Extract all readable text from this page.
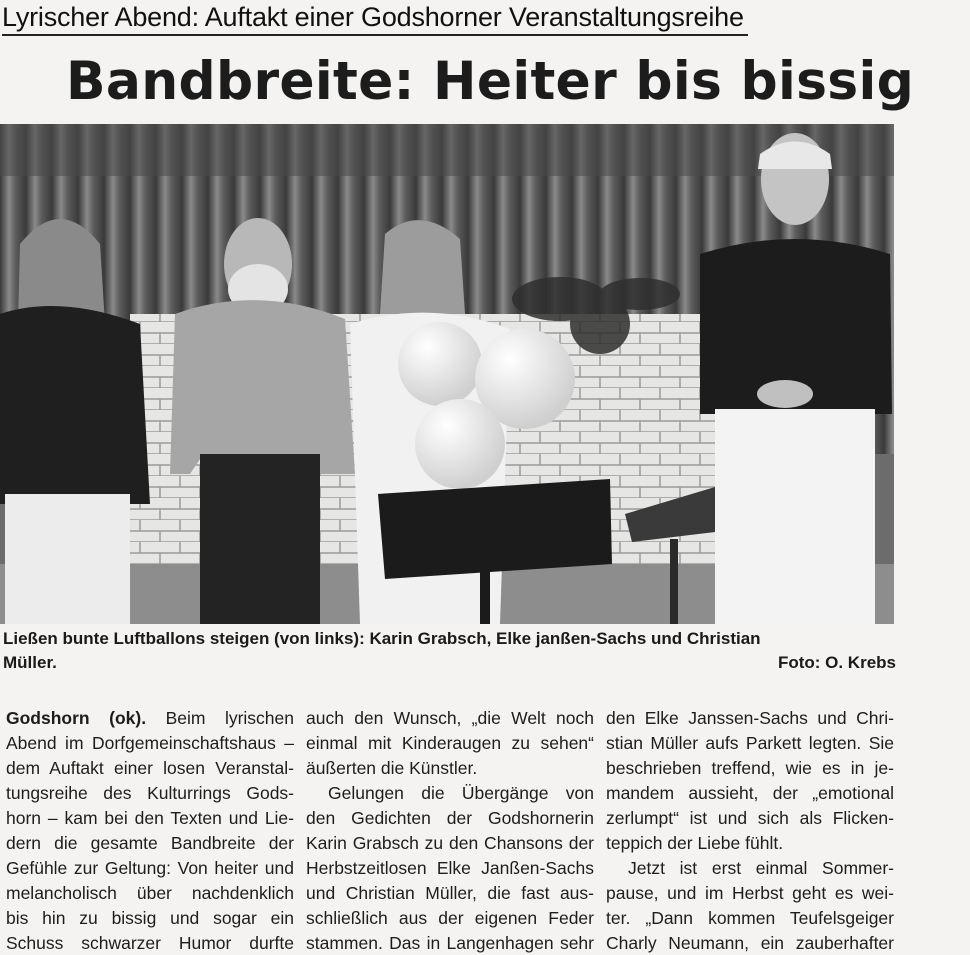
Lyrischer Abend: Auftakt einer Godshorner Veranstaltungsreihe
Bandbreite: Heiter bis bissig
Ließen bunte Luftballons steigen (von links): Karin Grabsch, Elke janßen-Sachs und Christian
Müller.	Foto: O. Krebs
Godshorn (ok). Beim lyrischen
Abend im Dorfgemeinschaftshaus –
dem Auftakt einer losen Veranstal-
tungsreihe des Kulturrings Gods-
horn – kam bei den Texten und Lie-
dern die gesamte Bandbreite der
Gefühle zur Geltung: Von heiter und
melancholisch über nachdenklich
bis hin zu bissig und sogar ein
Schuss schwarzer Humor durfte
auch den Wunsch, „die Welt noch
einmal mit Kinderaugen zu sehen“
äußerten die Künstler.
Gelungen die Übergänge von
den Gedichten der Godshornerin
Karin Grabsch zu den Chansons der
Herbstzeitlosen Elke Janßen-Sachs
und Christian Müller, die fast aus-
schließlich aus der eigenen Feder
stammen. Das in Langenhagen sehr
den Elke Janssen-Sachs und Chri-
stian Müller aufs Parkett legten. Sie
beschrieben treffend, wie es in je-
mandem aussieht, der „emotional
zerlumpt“ ist und sich als Flicken-
teppich der Liebe fühlt.
Jetzt ist erst einmal Sommer-
pause, und im Herbst geht es wei-
ter. „Dann kommen Teufelsgeiger
Charly Neumann, ein zauberhafter
